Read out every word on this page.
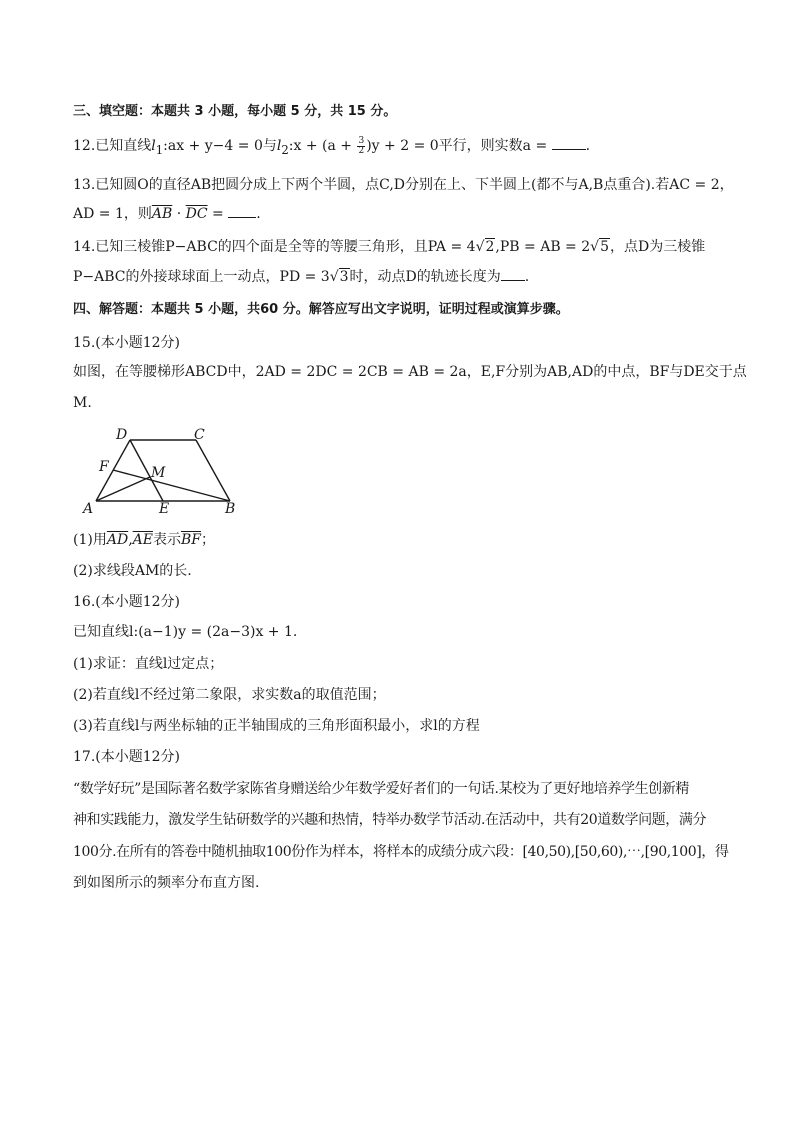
三、填空题：本题共 3 小题，每小题 5 分，共 15 分。
12.已知直线$l_1:ax + y-4 = 0$与$l_2:x + (a + \frac{3}{2} )y + 2 = 0$平行，则实数a = .
13.已知圆O的直径AB把圆分成上下两个半圆，点C,D分别在上、下半圆上(都不与A,B点重合).若AC = 2，
AD = 1，则$\overline{AB} \cdot \overline{DC}$ = .
14.已知三棱锥P−ABC的四个面是全等的等腰三角形，且PA = 4√2,PB = AB = 2√5，点D为三棱锥
P−ABC的外接球球面上一动点，PD = 3√3时，动点D的轨迹长度为 .
四、解答题：本题共 5 小题，共60 分。解答应写出文字说明，证明过程或演算步骤。
15.(本小题12分)
如图，在等腰梯形ABCD中，2AD = 2DC = 2CB = AB = 2a，E,F分别为AB,AD的中点，BF与DE交于点
M.
D	C
F	M
A	E	B
(1)用$\overline{AD},\overline{AE}$表示$\overline{BF}$；
(2)求线段AM的长.
16.(本小题12分)
已知直线l:(a−1)y = (2a−3)x + 1.
(1)求证：直线l过定点；
(2)若直线l不经过第二象限，求实数a的取值范围；
(3)若直线l与两坐标轴的正半轴围成的三角形面积最小，求l的方程
17.(本小题12分)
“数学好玩”是国际著名数学家陈省身赠送给少年数学爱好者们的一句话.某校为了更好地培养学生创新精
神和实践能力，激发学生钻研数学的兴趣和热情，特举办数学节活动.在活动中，共有20道数学问题，满分
100分.在所有的答卷中随机抽取100份作为样本，将样本的成绩分成六段：[40,50),[50,60),⋯,[90,100]，得
到如图所示的频率分布直方图.
